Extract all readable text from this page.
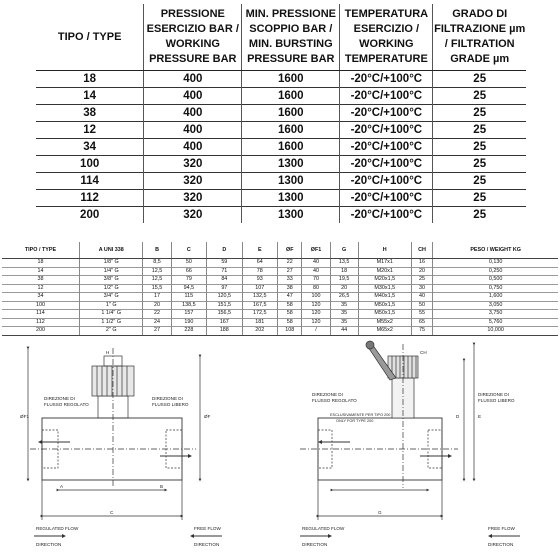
TIPO / TYPE	PRESSIONE ESERCIZIO BAR / WORKING PRESSURE BAR	MIN. PRESSIONE SCOPPIO BAR / MIN. BURSTING PRESSURE BAR	TEMPERATURA ESERCIZIO / WORKING TEMPERATURE	GRADO DI FILTRAZIONE µm / FILTRATION GRADE µm
18	400	1600	-20°C/+100°C	25
14	400	1600	-20°C/+100°C	25
38	400	1600	-20°C/+100°C	25
12	400	1600	-20°C/+100°C	25
34	400	1600	-20°C/+100°C	25
100	320	1300	-20°C/+100°C	25
114	320	1300	-20°C/+100°C	25
112	320	1300	-20°C/+100°C	25
200	320	1300	-20°C/+100°C	25
TIPO / TYPE	A UNI 338	B	C	D	E	ØF	ØF1	G	H	CH	PESO / WEIGHT KG
18	1/8" G	8,5	50	59	64	22	40	13,5	M17x1	16	0,130
14	1/4" G	12,5	66	71	78	27	40	18	M20x1	20	0,250
38	3/8" G	12,5	79	84	93	33	70	19,5	M20x1,5	25	0,500
12	1/2" G	15,5	94,5	97	107	38	80	20	M30x1,5	30	0,750
34	3/4" G	17	115	120,5	132,5	47	100	26,5	M40x1,5	40	1,600
100	1" G	20	138,5	151,5	167,5	58	120	35	M50x1,5	50	3,050
114	1 1/4" G	22	157	156,5	172,5	58	120	35	M50x1,5	55	3,750
112	1 1/2" G	24	190	167	181	58	120	35	M55x2	65	5,760
200	2" G	27	228	188	202	108	/	44	M65x2	75	10,000
DIREZIONE DI
FLUSSO REGOLATO
DIREZIONE DI
FLUSSO LIBERO
REGULATED FLOW
DIRECTION
FREE FLOW
DIRECTION
DIREZIONE DI
FLUSSO REGOLATO
DIREZIONE DI
FLUSSO LIBERO
ESCLUSIVAMENTE PER TIPO 200
ONLY FOR TYPE 200
REGULATED FLOW
DIRECTION
FREE FLOW
DIRECTION
C
ØF1	ØF
H
A	B
CH
E
D
G
